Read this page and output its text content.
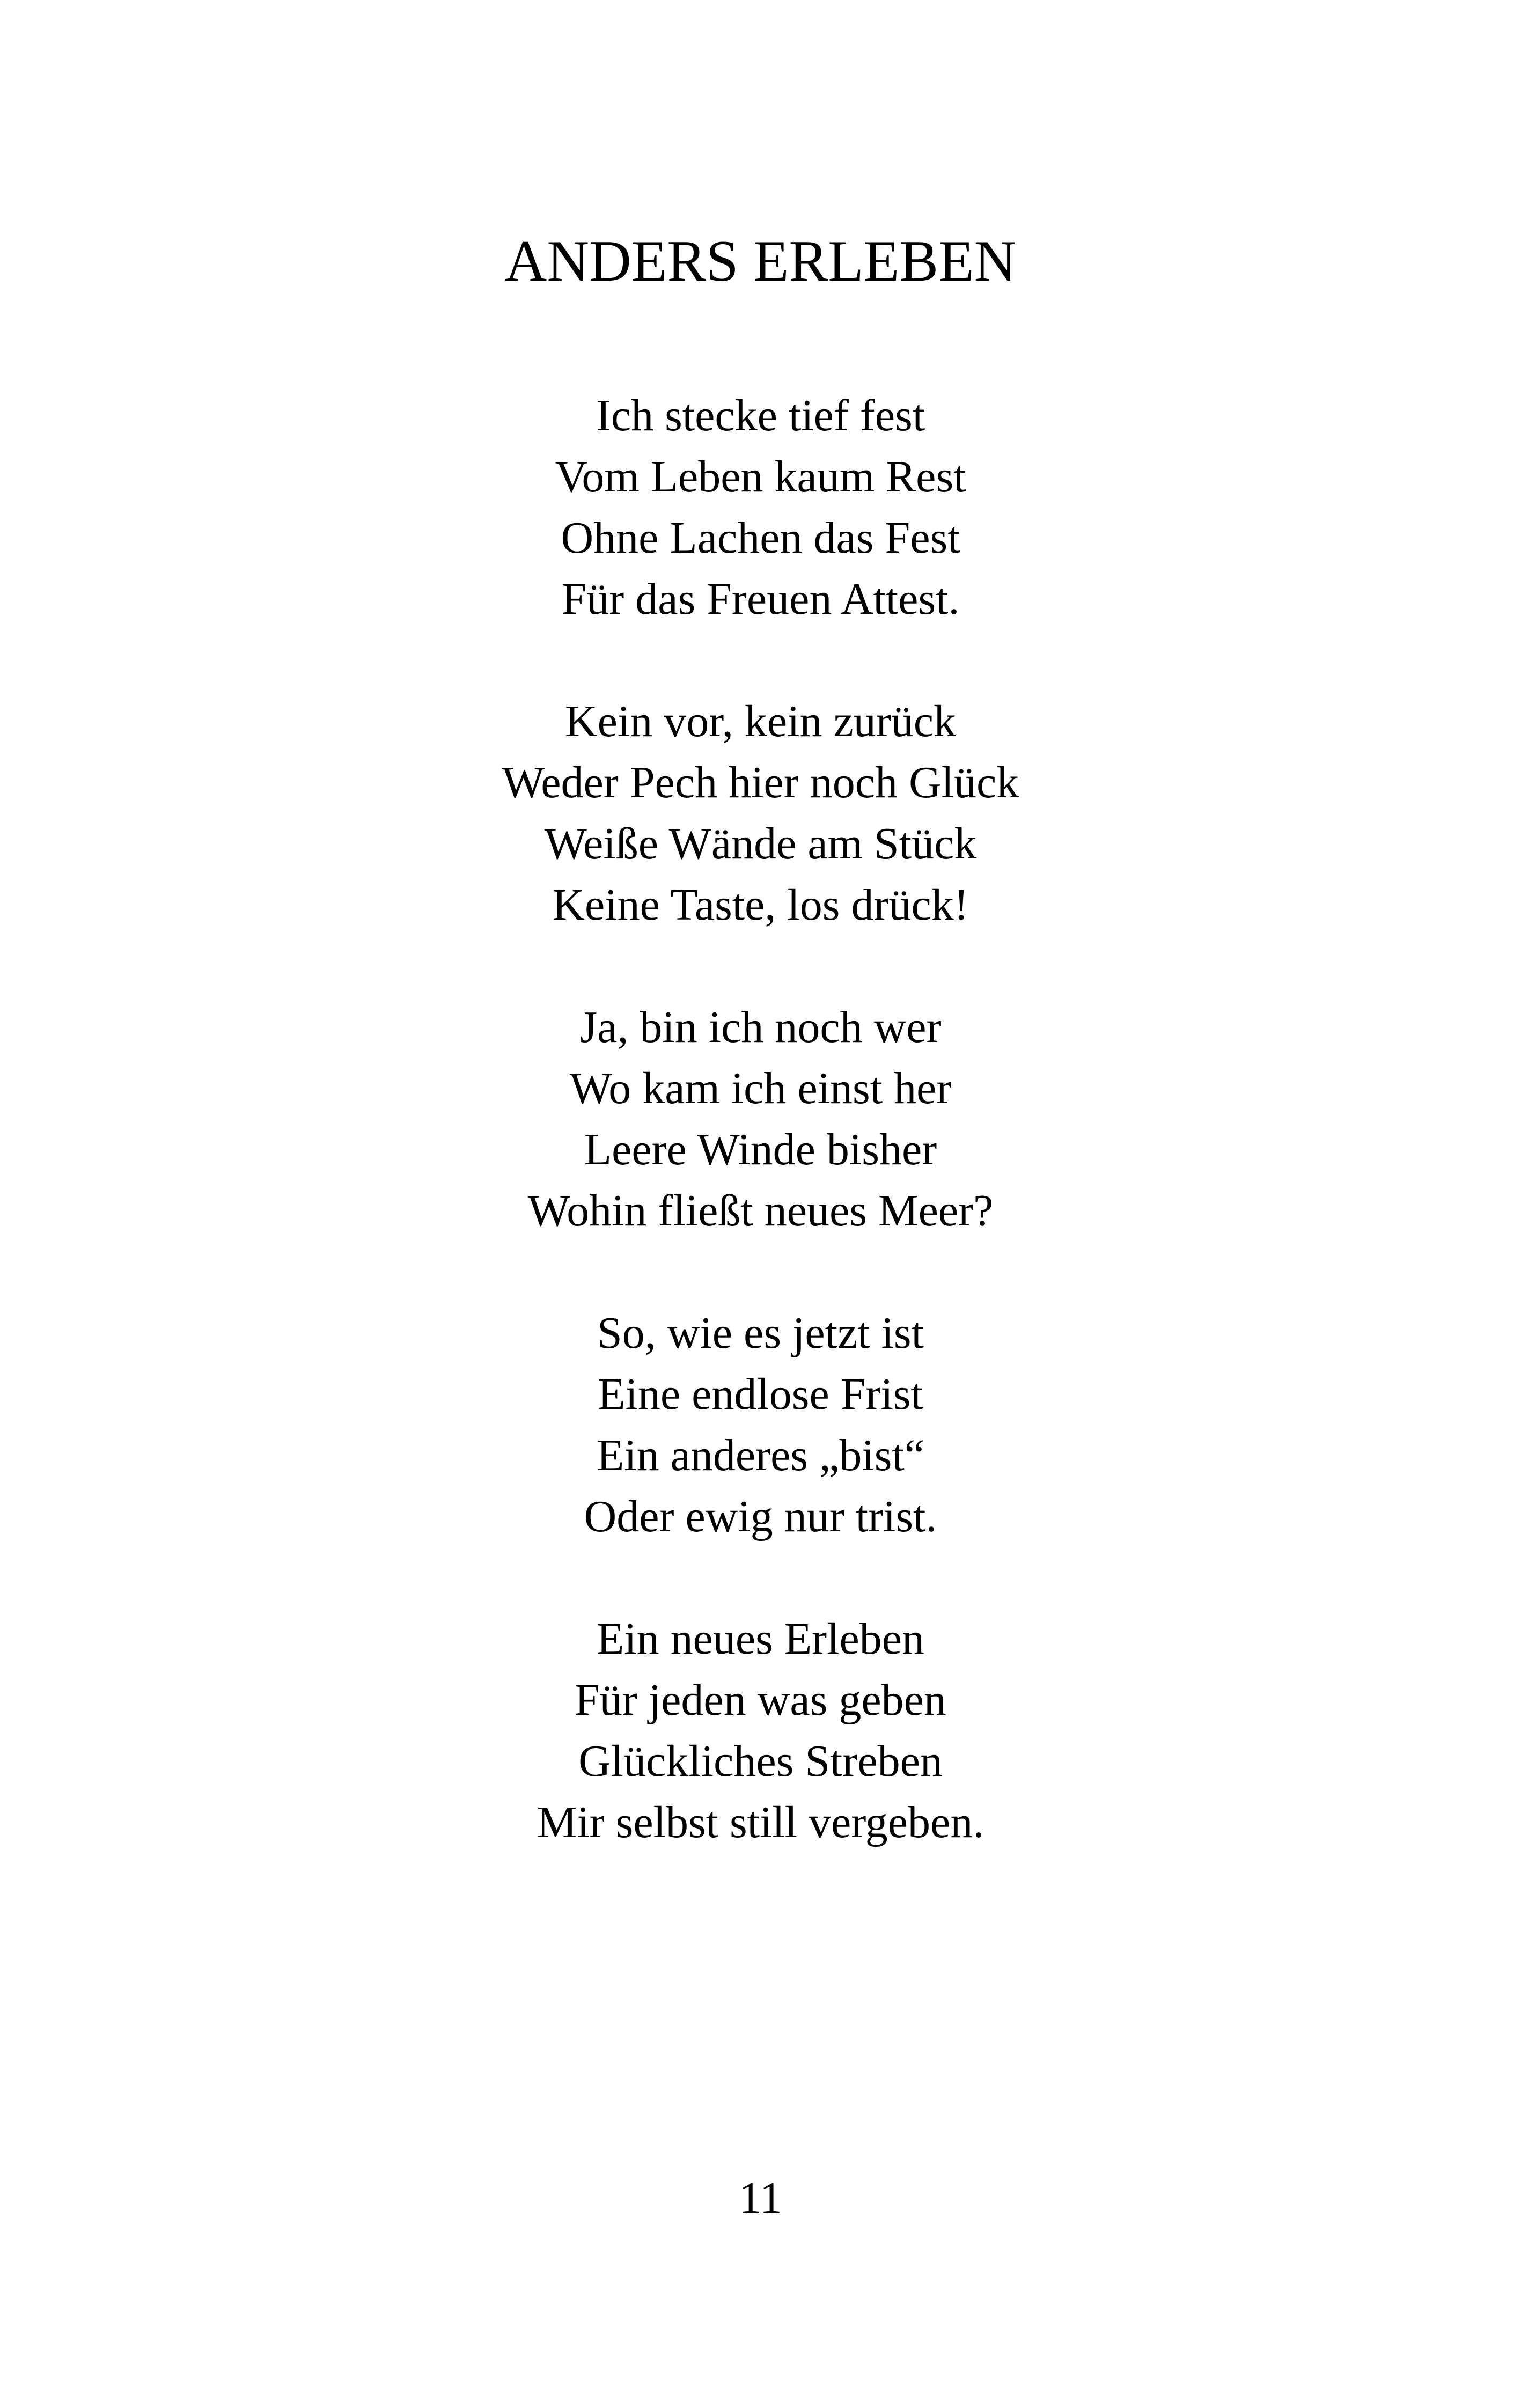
ANDERS ERLEBEN
Ich stecke tief fest
Vom Leben kaum Rest
Ohne Lachen das Fest
Für das Freuen Attest.
Kein vor, kein zurück
Weder Pech hier noch Glück
Weiße Wände am Stück
Keine Taste, los drück!
Ja, bin ich noch wer
Wo kam ich einst her
Leere Winde bisher
Wohin fließt neues Meer?
So, wie es jetzt ist
Eine endlose Frist
Ein anderes „bist“
Oder ewig nur trist.
Ein neues Erleben
Für jeden was geben
Glückliches Streben
Mir selbst still vergeben.
11
